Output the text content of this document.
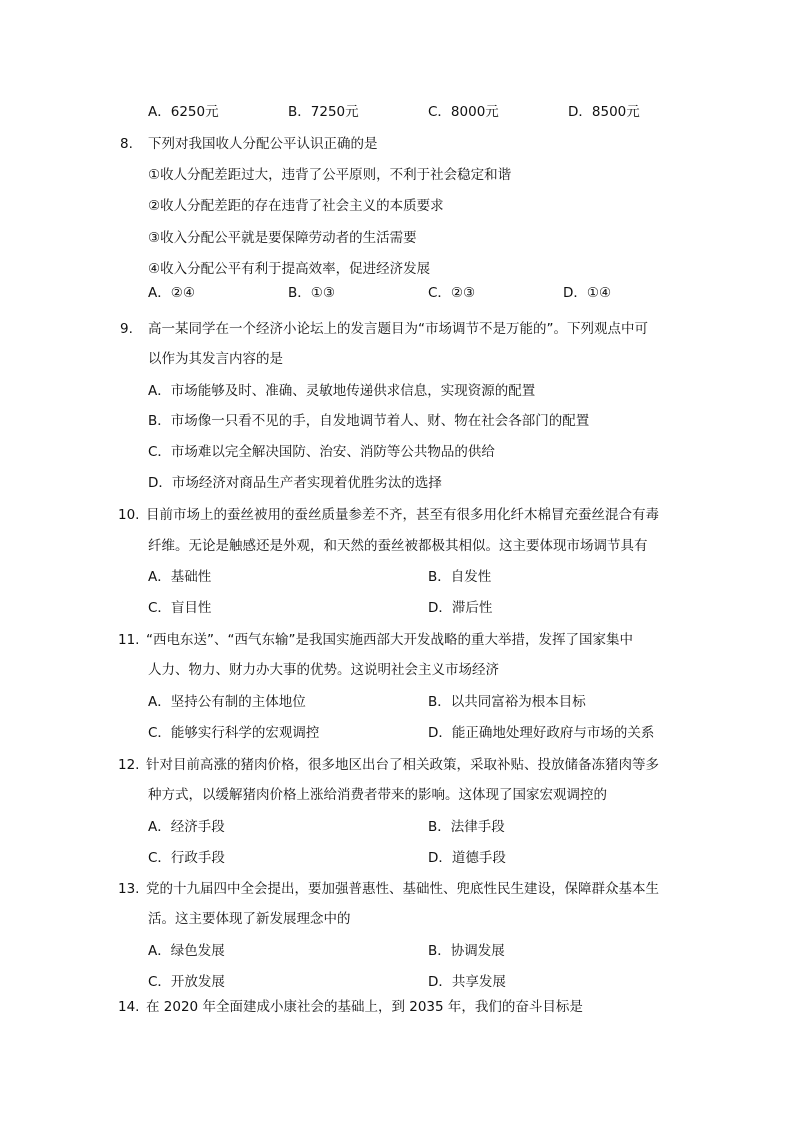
A．6250元	B．7250元	C．8000元	D．8500元
8. 下列对我国收人分配公平认识正确的是
①收人分配差距过大，违背了公平原则，不利于社会稳定和谐
②收人分配差距的存在违背了社会主义的本质要求
③收入分配公平就是要保障劳动者的生活需要
④收入分配公平有利于提高效率，促进经济发展
A．②④	B．①③	C．②③	D．①④
9. 高一某同学在一个经济小论坛上的发言题目为“市场调节不是万能的”。下列观点中可
以作为其发言内容的是
A．市场能够及时、准确、灵敏地传递供求信息，实现资源的配置
B．市场像一只看不见的手，自发地调节着人、财、物在社会各部门的配置
C．市场难以完全解决国防、治安、消防等公共物品的供给
D．市场经济对商品生产者实现着优胜劣汰的选择
10. 目前市场上的蚕丝被用的蚕丝质量参差不齐，甚至有很多用化纤木棉冒充蚕丝混合有毒
纤维。无论是触感还是外观，和天然的蚕丝被都极其相似。这主要体现市场调节具有
A．基础性	B．自发性
C．盲目性	D．滞后性
11. “西电东送”、“西气东输”是我国实施西部大开发战略的重大举措，发挥了国家集中
人力、物力、财力办大事的优势。这说明社会主义市场经济
A．坚持公有制的主体地位	B．以共同富裕为根本目标
C．能够实行科学的宏观调控	D．能正确地处理好政府与市场的关系
12. 针对目前高涨的猪肉价格，很多地区出台了相关政策，采取补贴、投放储备冻猪肉等多
种方式，以缓解猪肉价格上涨给消费者带来的影响。这体现了国家宏观调控的
A．经济手段	B．法律手段
C．行政手段	D．道德手段
13. 党的十九届四中全会提出，要加强普惠性、基础性、兜底性民生建设，保障群众基本生
活。这主要体现了新发展理念中的
A．绿色发展	B．协调发展
C．开放发展	D．共享发展
14. 在 2020 年全面建成小康社会的基础上，到 2035 年，我们的奋斗目标是
